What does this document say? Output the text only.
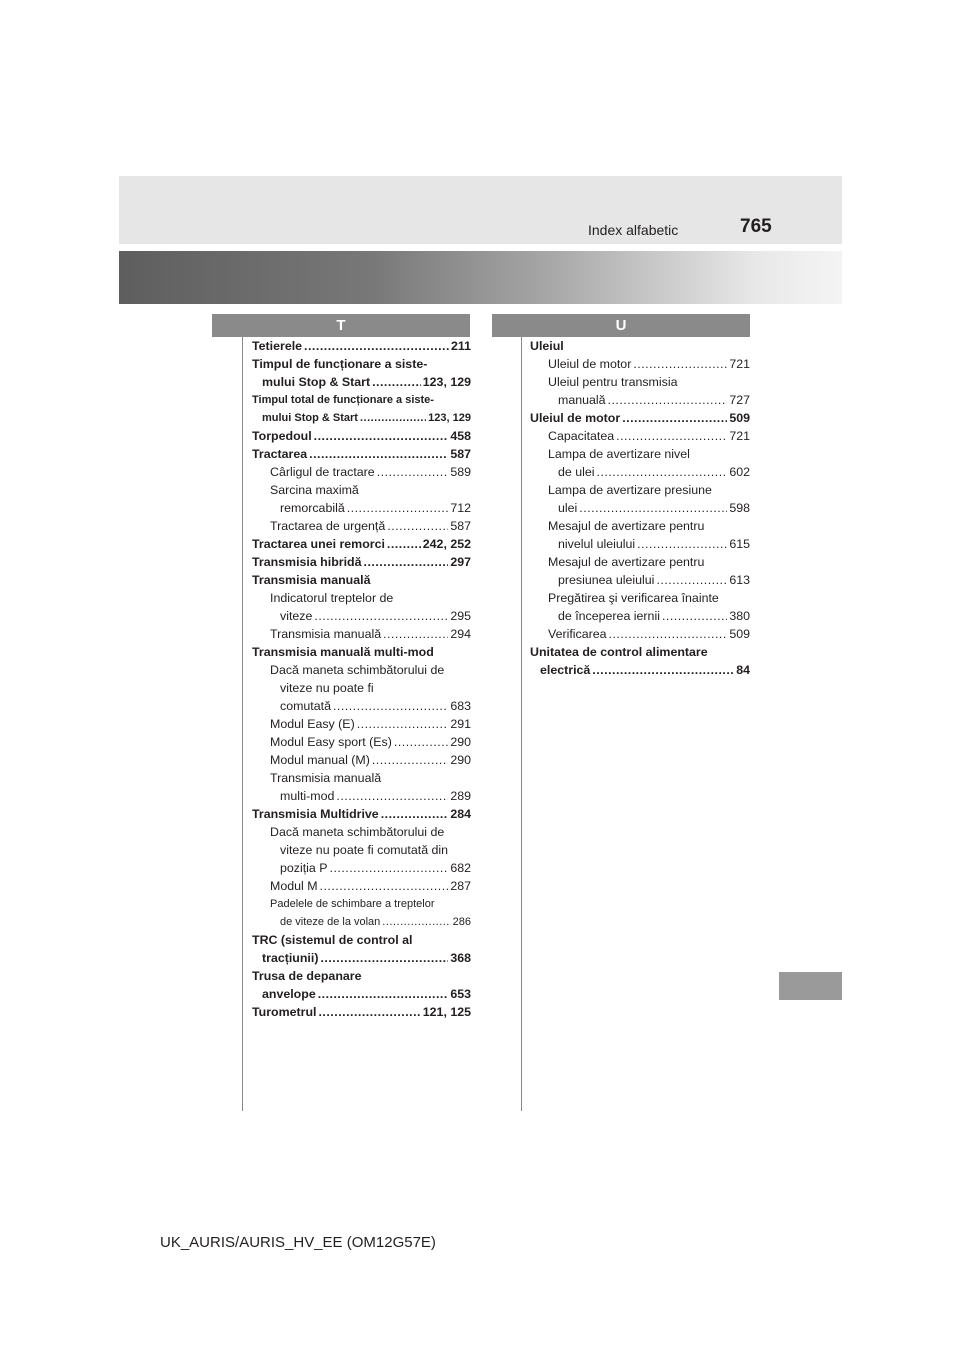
Index alfabetic	765
T	U
Tetierele .....	211
Timpul de funcționare a siste-
mului Stop & Start .....	123, 129
Timpul total de funcționare a siste-
mului Stop & Start .....	123, 129
Torpedoul .....	458
Tractarea .....	587
Cârligul de tractare .....	589
Sarcina maximă
remorcabilă .....	712
Tractarea de urgență .....	587
Tractarea unei remorci .....	242, 252
Transmisia hibridă .....	297
Transmisia manuală
Indicatorul treptelor de
viteze .....	295
Transmisia manuală .....	294
Transmisia manuală multi-mod
Dacă maneta schimbătorului de
viteze nu poate fi
comutată .....	683
Modul Easy (E) .....	291
Modul Easy sport (Es) .....	290
Modul manual (M) .....	290
Transmisia manuală
multi-mod .....	289
Transmisia Multidrive .....	284
Dacă maneta schimbătorului de
viteze nu poate fi comutată din
poziția P .....	682
Modul M .....	287
Padelele de schimbare a treptelor
de viteze de la volan .....	286
TRC (sistemul de control al
tracțiunii) .....	368
Trusa de depanare
anvelope .....	653
Turometrul .....	121, 125
Uleiul
Uleiul de motor .....	721
Uleiul pentru transmisia
manuală .....	727
Uleiul de motor .....	509
Capacitatea .....	721
Lampa de avertizare nivel
de ulei .....	602
Lampa de avertizare presiune
ulei .....	598
Mesajul de avertizare pentru
nivelul uleiului .....	615
Mesajul de avertizare pentru
presiunea uleiului .....	613
Pregătirea şi verificarea înainte
de începerea iernii .....	380
Verificarea .....	509
Unitatea de control alimentare
electrică .....	84
UK_AURIS/AURIS_HV_EE (OM12G57E)
